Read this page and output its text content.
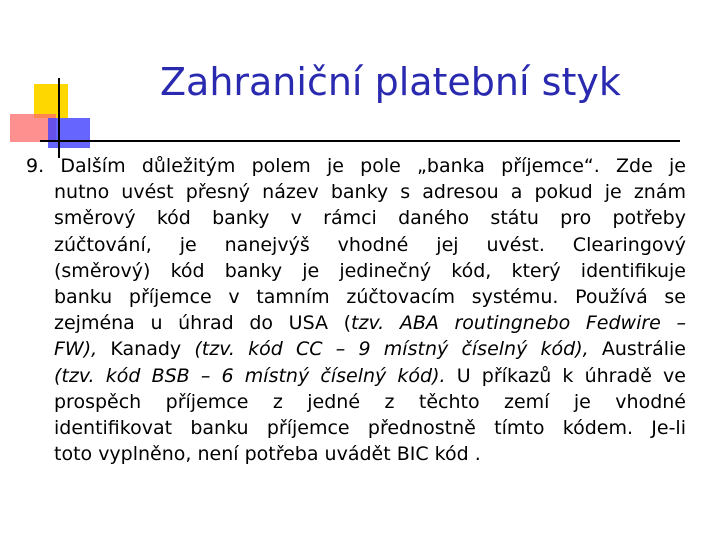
Zahraniční platební styk
9. Dalším důležitým polem je pole „banka příjemce“. Zde je
nutno uvést přesný název banky s adresou a pokud je znám
směrový kód banky v rámci daného státu pro potřeby
zúčtování, je nanejvýš vhodné jej uvést. Clearingový
(směrový) kód banky je jedinečný kód, který identifikuje
banku příjemce v tamním zúčtovacím systému. Používá se
zejména u úhrad do USA (tzv. ABA routingnebo Fedwire –
FW), Kanady (tzv. kód CC – 9 místný číselný kód), Austrálie
(tzv. kód BSB – 6 místný číselný kód). U příkazů k úhradě ve
prospěch příjemce z jedné z těchto zemí je vhodné
identifikovat banku příjemce přednostně tímto kódem. Je-li
toto vyplněno, není potřeba uvádět BIC kód .
